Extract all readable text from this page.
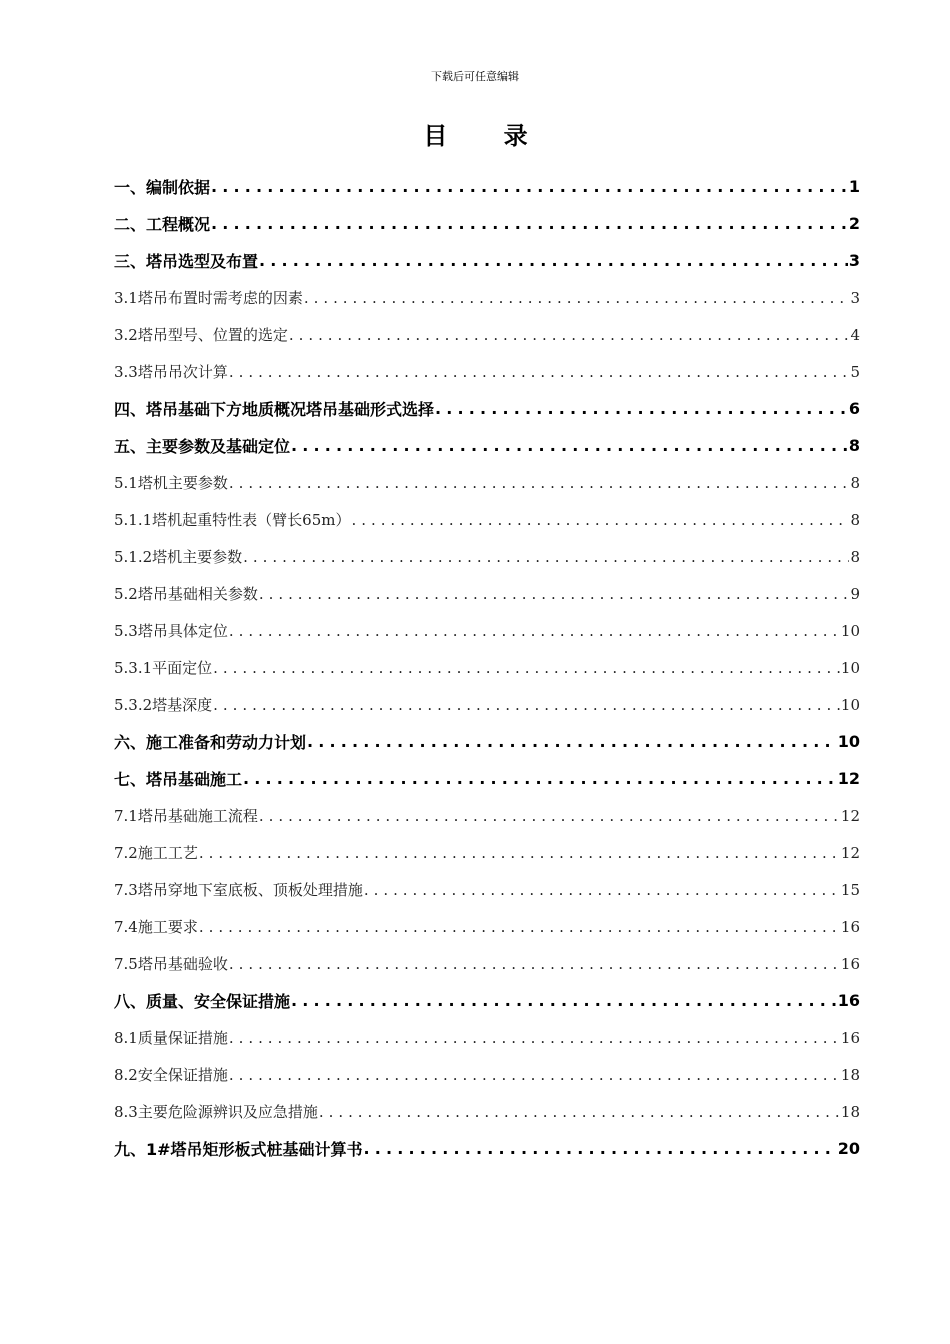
下载后可任意编辑
目 录
一、编制依据 . . .	1
二、工程概况 . . .	2
三、塔吊选型及布置 . . .	3
3.1塔吊布置时需考虑的因素 . . .	3
3.2塔吊型号、位置的选定 . . .	4
3.3塔吊吊次计算 . . .	5
四、塔吊基础下方地质概况塔吊基础形式选择 . . .	6
五、主要参数及基础定位 . . .	8
5.1塔机主要参数 . . .	8
5.1.1塔机起重特性表（臂长65m） . . .	8
5.1.2塔机主要参数 . . .	8
5.2塔吊基础相关参数 . . .	9
5.3塔吊具体定位 . . .	10
5.3.1平面定位 . . .	10
5.3.2塔基深度 . . .	10
六、施工准备和劳动力计划 . . .	10
七、塔吊基础施工 . . .	12
7.1塔吊基础施工流程 . . .	12
7.2施工工艺 . . .	12
7.3塔吊穿地下室底板、顶板处理措施 . . .	15
7.4施工要求 . . .	16
7.5塔吊基础验收 . . .	16
八、质量、安全保证措施 . . .	16
8.1质量保证措施 . . .	16
8.2安全保证措施 . . .	18
8.3主要危险源辨识及应急措施 . . .	18
九、1#塔吊矩形板式桩基础计算书 . . .	20
